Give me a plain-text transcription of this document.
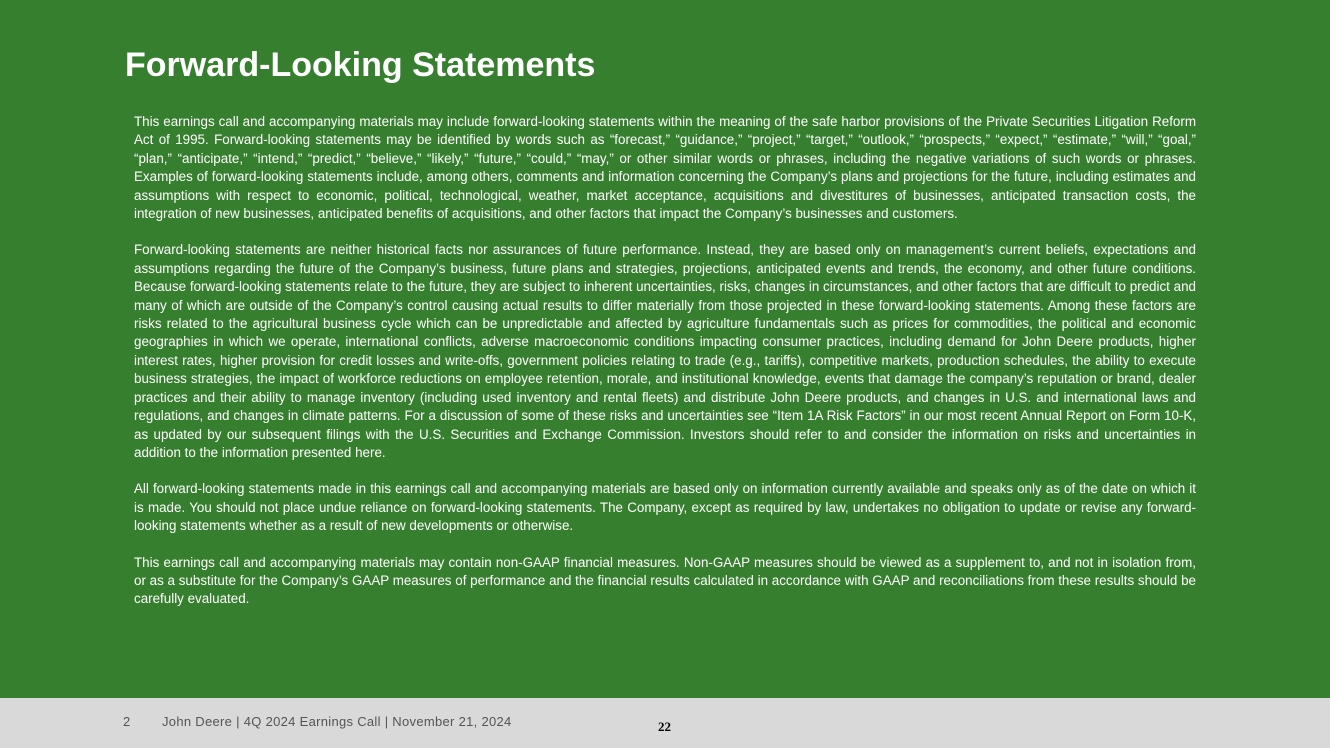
Forward-Looking Statements

This earnings call and accompanying materials may include forward-looking statements within the meaning of the safe harbor provisions of the Private Securities Litigation Reform Act of 1995. Forward-looking statements may be identified by words such as “forecast,” “guidance,” “project,” “target,” “outlook,” “prospects,” “expect,” “estimate,” “will,” “goal,” “plan,” “anticipate,” “intend,” “predict,” “believe,” “likely,” “future,” “could,” “may,” or other similar words or phrases, including the negative variations of such words or phrases. Examples of forward-looking statements include, among others, comments and information concerning the Company’s plans and projections for the future, including estimates and assumptions with respect to economic, political, technological, weather, market acceptance, acquisitions and divestitures of businesses, anticipated transaction costs, the integration of new businesses, anticipated benefits of acquisitions, and other factors that impact the Company’s businesses and customers.

Forward-looking statements are neither historical facts nor assurances of future performance. Instead, they are based only on management’s current beliefs, expectations and assumptions regarding the future of the Company’s business, future plans and strategies, projections, anticipated events and trends, the economy, and other future conditions. Because forward-looking statements relate to the future, they are subject to inherent uncertainties, risks, changes in circumstances, and other factors that are difficult to predict and many of which are outside of the Company’s control causing actual results to differ materially from those projected in these forward-looking statements. Among these factors are risks related to the agricultural business cycle which can be unpredictable and affected by agriculture fundamentals such as prices for commodities, the political and economic geographies in which we operate, international conflicts, adverse macroeconomic conditions impacting consumer practices, including demand for John Deere products, higher interest rates, higher provision for credit losses and write-offs, government policies relating to trade (e.g., tariffs), competitive markets, production schedules, the ability to execute business strategies, the impact of workforce reductions on employee retention, morale, and institutional knowledge, events that damage the company’s reputation or brand, dealer practices and their ability to manage inventory (including used inventory and rental fleets) and distribute John Deere products, and changes in U.S. and international laws and regulations, and changes in climate patterns. For a discussion of some of these risks and uncertainties see “Item 1A Risk Factors” in our most recent Annual Report on Form 10-K, as updated by our subsequent filings with the U.S. Securities and Exchange Commission. Investors should refer to and consider the information on risks and uncertainties in addition to the information presented here.

All forward-looking statements made in this earnings call and accompanying materials are based only on information currently available and speaks only as of the date on which it is made. You should not place undue reliance on forward-looking statements. The Company, except as required by law, undertakes no obligation to update or revise any forward-looking statements whether as a result of new developments or otherwise.

This earnings call and accompanying materials may contain non-GAAP financial measures. Non-GAAP measures should be viewed as a supplement to, and not in isolation from, or as a substitute for the Company’s GAAP measures of performance and the financial results calculated in accordance with GAAP and reconciliations from these results should be carefully evaluated.

2 John Deere | 4Q 2024 Earnings Call | November 21, 2024	22
